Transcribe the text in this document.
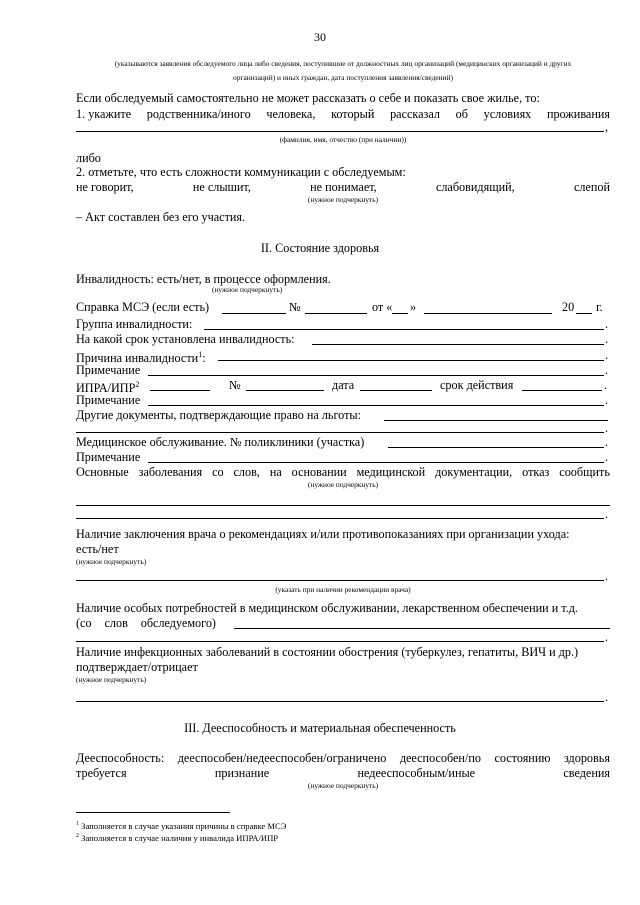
30
(указываются заявления обследуемого лица либо сведения, поступившие от должностных лиц организаций (медицинских организаций и других
организаций) и иных граждан, дата поступления заявления/сведений)
Если обследуемый самостоятельно не может рассказать о себе и показать свое жилье, то:
1. укажите родственника/иного человека, который рассказал об условиях проживания
,
(фамилия, имя, отчество (при наличии))
либо
2. отметьте, что есть сложности коммуникации с обследуемым:
не говорит,	не слышит,	не понимает,	слабовидящий,	слепой
(нужное подчеркнуть)
– Акт составлен без его участия.
II. Состояние здоровья
Инвалидность: есть/нет, в процессе оформления.
(нужное подчеркнуть)
Справка МСЭ (если есть)	№	от « »	20 г.
Группа инвалидности:	.
На какой срок установлена инвалидность:	.
Причина инвалидности$^1$:	.
Примечание	.
ИПРА/ИПР$^2$	№	дата	срок действия	.
Примечание	.
Другие документы, подтверждающие право на льготы:
.
Медицинское обслуживание. № поликлиники (участка)	.
Примечание	.
Основные заболевания со слов, на основании медицинской документации, отказ сообщить
(нужное подчеркнуть)
.
Наличие заключения врача о рекомендациях и/или противопоказаниях при организации ухода:
есть/нет
(нужное подчеркнуть)
.
(указать при наличии рекомендации врача)
Наличие особых потребностей в медицинском обслуживании, лекарственном обеспечении и т.д.
(со слов обследуемого)
.
Наличие инфекционных заболеваний в состоянии обострения (туберкулез, гепатиты, ВИЧ и др.)
подтверждает/отрицает
(нужное подчеркнуть)
.
III. Дееспособность и материальная обеспеченность
Дееспособность: дееспособен/недееспособен/ограничено дееспособен/по состоянию здоровья
требуется	признание	недееспособным/иные	сведения
(нужное подчеркнуть)
$^1$ Заполняется в случае указания причины в справке МСЭ
$^2$ Заполняется в случае наличия у инвалида ИПРА/ИПР
